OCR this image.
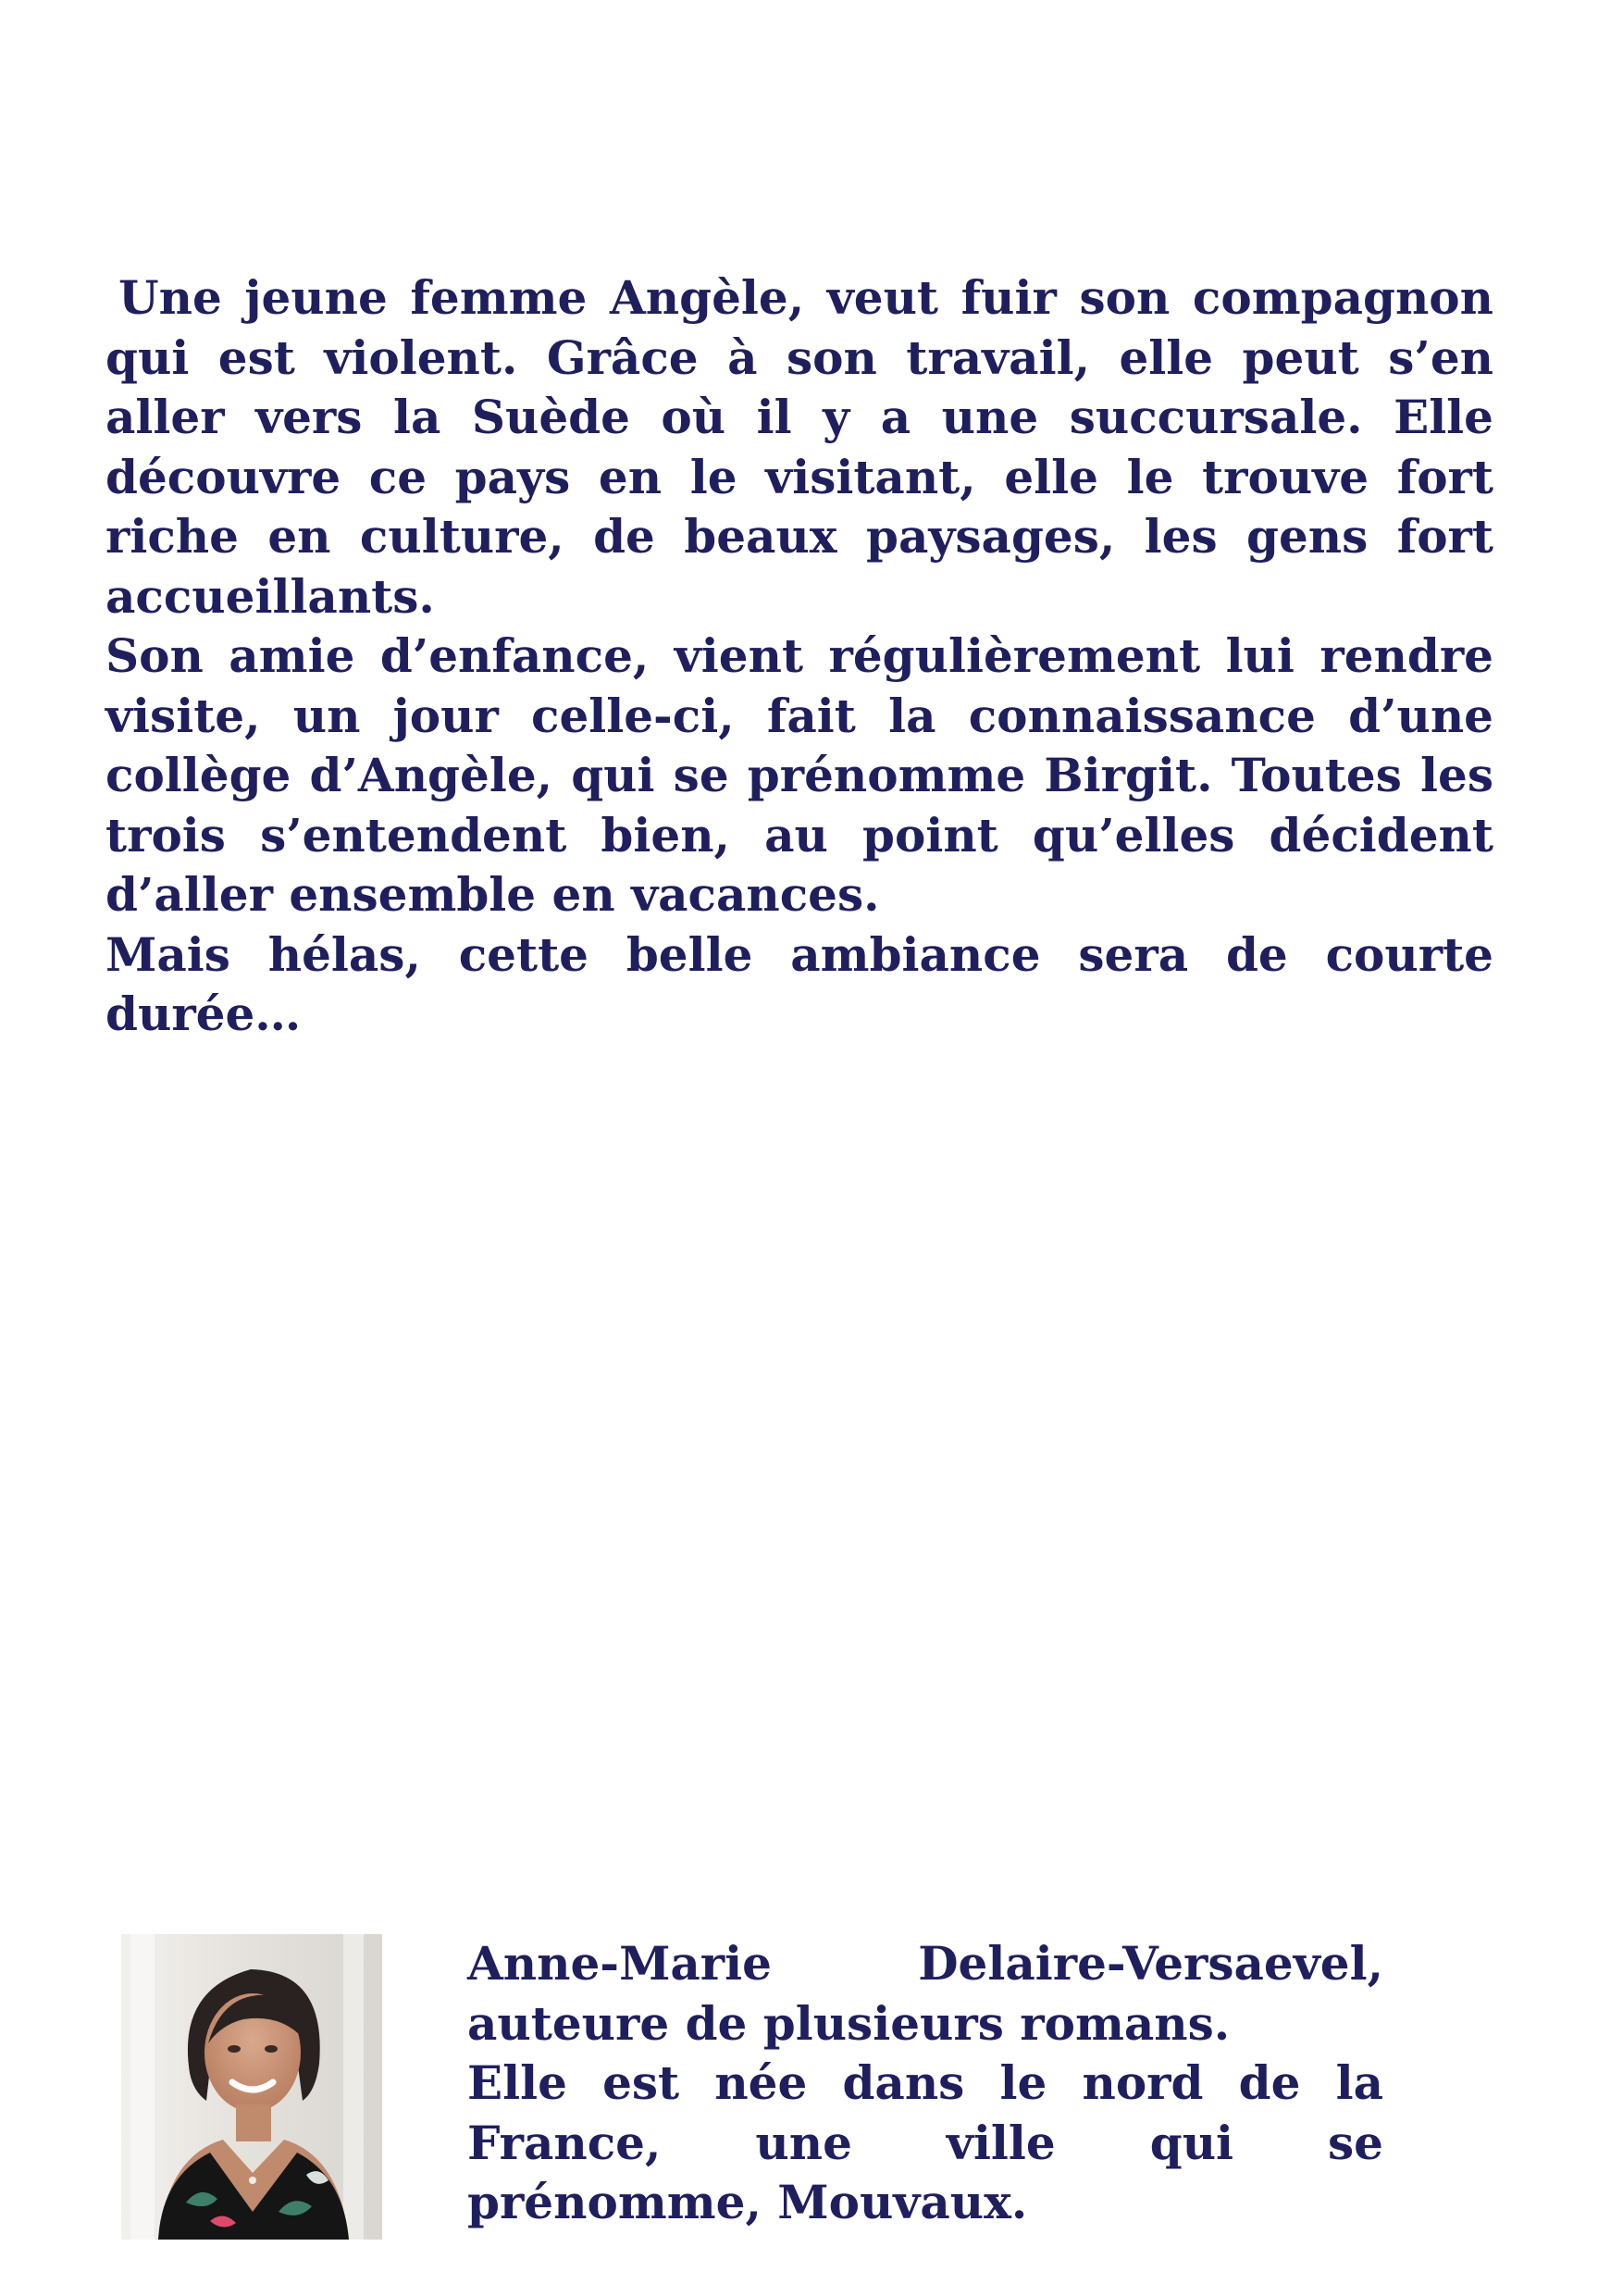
Une jeune femme Angèle, veut fuir son compagnon qui est violent. Grâce à son travail, elle peut s’en aller vers la Suède où il y a une succursale. Elle découvre ce pays en le visitant, elle le trouve fort riche en culture, de beaux paysages, les gens fort accueillants.

Son amie d’enfance, vient régulièrement lui rendre visite, un jour celle-ci, fait la connaissance d’une collège d’Angèle, qui se prénomme Birgit. Toutes les trois s’entendent bien, au point qu’elles décident d’aller ensemble en vacances.

Mais hélas, cette belle ambiance sera de courte durée…

Anne-Marie Delaire-Versaevel,

auteure de plusieurs romans.

Elle est née dans le nord de la France, une ville qui se

prénomme, Mouvaux.
